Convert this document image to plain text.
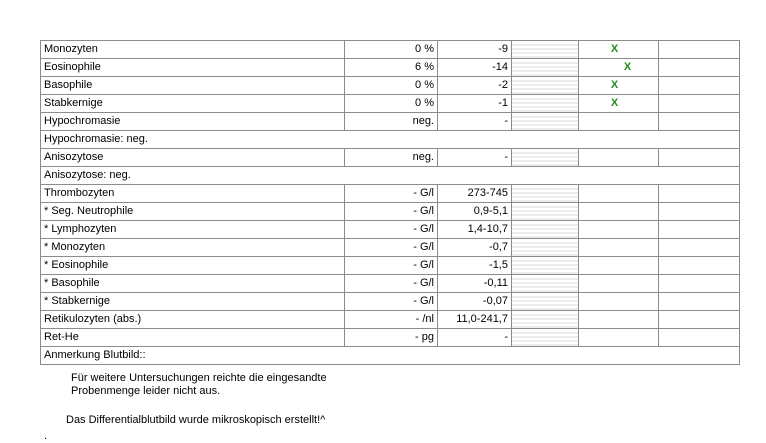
Monozyten	0 %	-9		X	
Eosinophile	6 %	-14		X	
Basophile	0 %	-2		X	
Stabkernige	0 %	-1		X	
Hypochromasie	neg.	-			
Hypochromasie: neg.					
Anisozytose	neg.	-			
Anisozytose: neg.					
Thrombozyten	- G/l	273-745			
* Seg. Neutrophile	- G/l	0,9-5,1			
* Lymphozyten	- G/l	1,4-10,7			
* Monozyten	- G/l	-0,7			
* Eosinophile	- G/l	-1,5			
* Basophile	- G/l	-0,11			
* Stabkernige	- G/l	-0,07			
Retikulozyten (abs.)	- /nl	11,0-241,7			
Ret-He	- pg	-			
Anmerkung Blutbild::					
Für weitere Untersuchungen reichte die eingesandte
Probenmenge leider nicht aus.
Das Differentialblutbild wurde mikroskopisch erstellt!^
.
